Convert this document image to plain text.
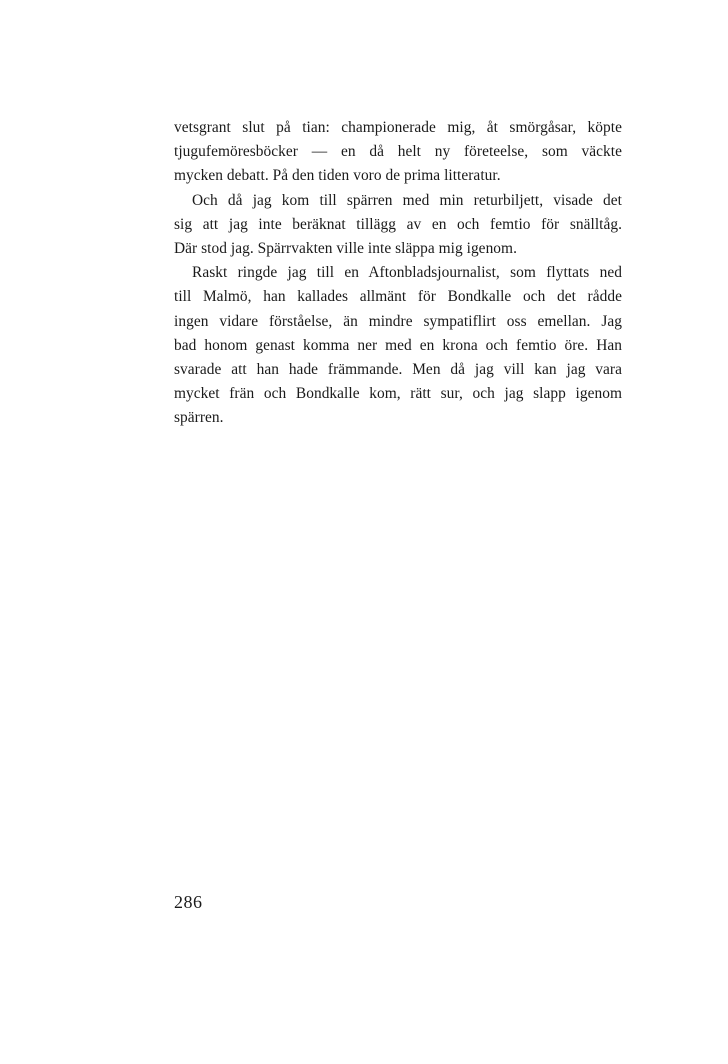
vetsgrant slut på tian: championerade mig, åt smörgåsar, köpte
tjugufemöresböcker — en då helt ny företeelse, som väckte
mycken debatt. På den tiden voro de prima litteratur.
Och då jag kom till spärren med min returbiljett, visade det
sig att jag inte beräknat tillägg av en och femtio för snälltåg.
Där stod jag. Spärrvakten ville inte släppa mig igenom.
Raskt ringde jag till en Aftonbladsjournalist, som flyttats ned
till Malmö, han kallades allmänt för Bondkalle och det rådde
ingen vidare förståelse, än mindre sympatiflirt oss emellan. Jag
bad honom genast komma ner med en krona och femtio öre. Han
svarade att han hade främmande. Men då jag vill kan jag vara
mycket frän och Bondkalle kom, rätt sur, och jag slapp igenom
spärren.
286
